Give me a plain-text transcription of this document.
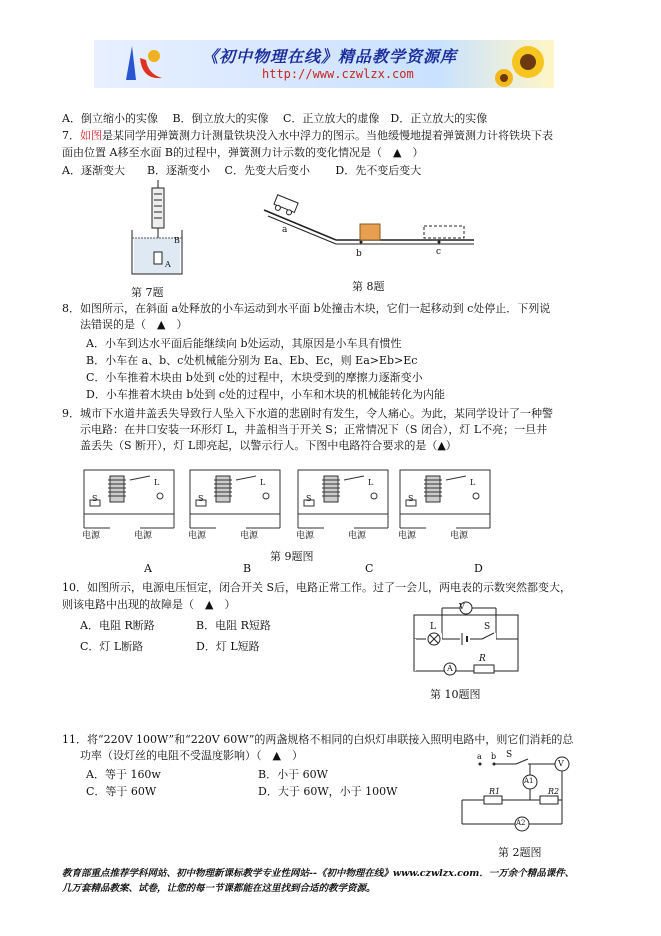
《初中物理在线》精品教学资源库
http://www.czwlzx.com
A．倒立缩小的实像　 B．倒立放大的实像　 C．正立放大的虚像　D．正立放大的实像
7．如图是某同学用弹簧测力计测量铁块没入水中浮力的图示。当他缓慢地提着弹簧测力计将铁块下表
面由位置 A移至水面 B的过程中，弹簧测力计示数的变化情况是（　▲　）
A．逐渐变大　　B．逐渐变小　 C．先变大后变小　　 D．先不变后变大
B
A
第 7题
a
b	c
第 8题
8．如图所示，在斜面 a处释放的小车运动到水平面 b处撞击木块，它们一起移动到 c处停止．下列说
法错误的是（　▲　）
A．小车到达水平面后能继续向 b处运动，其原因是小车具有惯性
B．小车在 a、b、c处机械能分别为 Ea、Eb、Ec，则 Ea>Eb>Ec
C．小车推着木块由 b处到 c处的过程中，木块受到的摩擦力逐渐变小
D．小车推着木块由 b处到 c处的过程中，小车和木块的机械能转化为内能
9．城市下水道井盖丢失导致行人坠入下水道的悲剧时有发生，令人痛心。为此，某同学设计了一种警
示电路：在井口安装一环形灯 L，井盖相当于开关 S；正常情况下（S 闭合），灯 L不亮；一旦井
盖丢失（S 断开），灯 L即亮起，以警示行人。下图中电路符合要求的是（▲）
电源	电源
S
L
电源	电源
S
L
电源	电源
S
L
电源	电源
S
L
第 9题图
A	B	C	D
10．如图所示，电源电压恒定，闭合开关 S后，电路正常工作。过了一会儿，两电表的示数突然都变大，
则该电路中出现的故障是（　▲　）
A．电阻 R断路	B．电阻 R短路
C．灯 L断路	D．灯 L短路
V
A
L	S
R
第 10题图
11．将“220V 100W”和“220V 60W”的两盏规格不相同的白炽灯串联接入照明电路中，则它们消耗的总
功率（设灯丝的电阻不受温度影响）（　▲　）
A．等于 160w	B．小于 60W
C．等于 60W	D．大于 60W，小于 100W
a b S
V
A1
A2
R1	R2
第 2题图
教育部重点推荐学科网站、初中物理新课标教学专业性网站--《初中物理在线》www.czwlzx.com．一万余个精品课件、
几万套精品教案、试卷，让您的每一节课都能在这里找到合适的教学资源。
